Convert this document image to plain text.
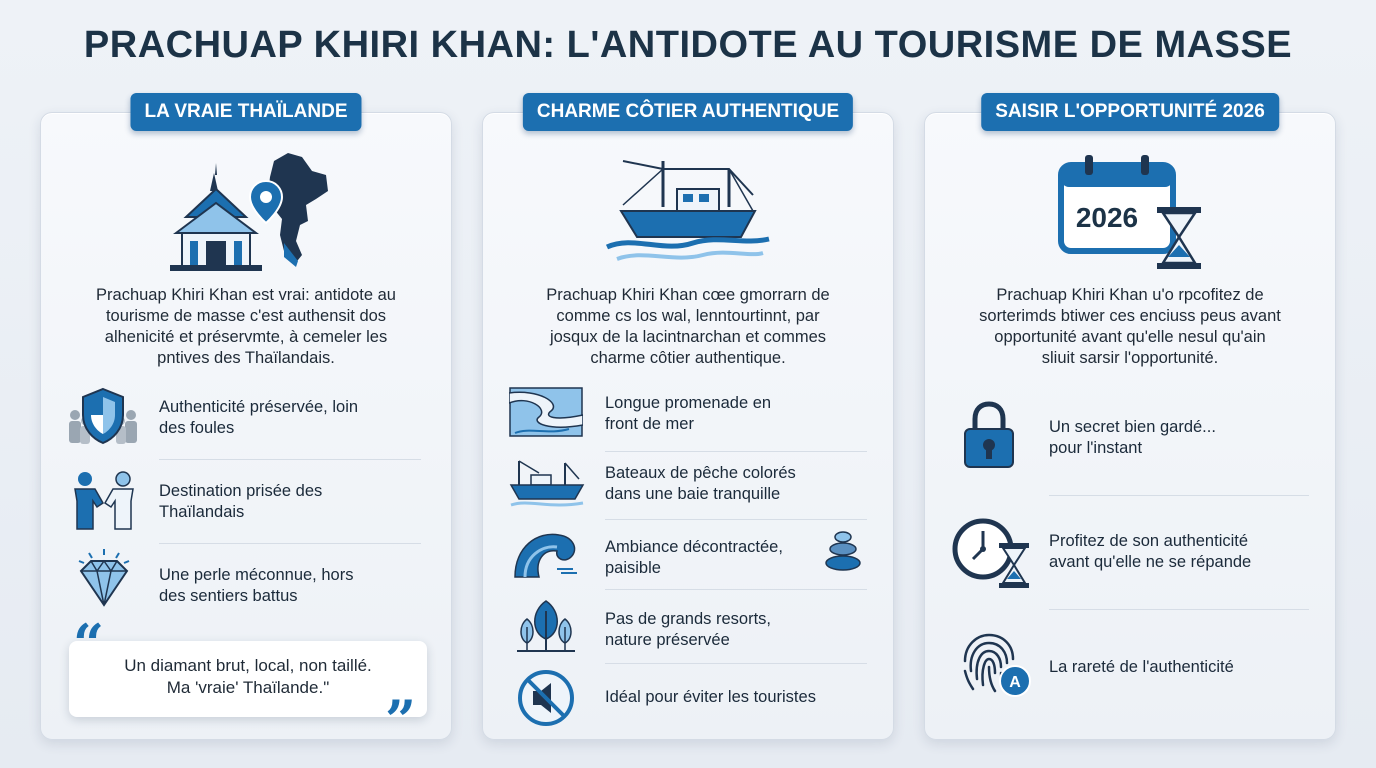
PRACHUAP KHIRI KHAN: L'ANTIDOTE AU TOURISME DE MASSE
LA VRAIE THAÏLANDE
Prachuap Khiri Khan est vrai: antidote au
tourisme de masse c'est authensit dos
alhenicité et préservmte, à cemeler les
pntives des Thaïlandais.
Authenticité préservée, loin
des foules
Destination prisée des
Thaïlandais
Une perle méconnue, hors
des sentiers battus
Un diamant brut, local, non taillé.
Ma 'vraie' Thaïlande."
”
CHARME CÔTIER AUTHENTIQUE
Prachuap Khiri Khan cœe gmorrarn de
comme cs los wal, lenntourtinnt, par
josqux de la lacintnarchan et commes
charme côtier authentique.
Longue promenade en
front de mer
Bateaux de pêche colorés
dans une baie tranquille
Ambiance décontractée,
paisible
Pas de grands resorts,
nature préservée
Idéal pour éviter les touristes
SAISIR L'OPPORTUNITÉ 2026
2026
Prachuap Khiri Khan u'o rpcofitez de
sorterimds btiwer ces enciuss peus avant
opportunité avant qu'elle nesul qu'ain
sliuit sarsir l'opportunité.
Un secret bien gardé...
pour l'instant
Profitez de son authenticité
avant qu'elle ne se répande
A
La rareté de l'authenticité
